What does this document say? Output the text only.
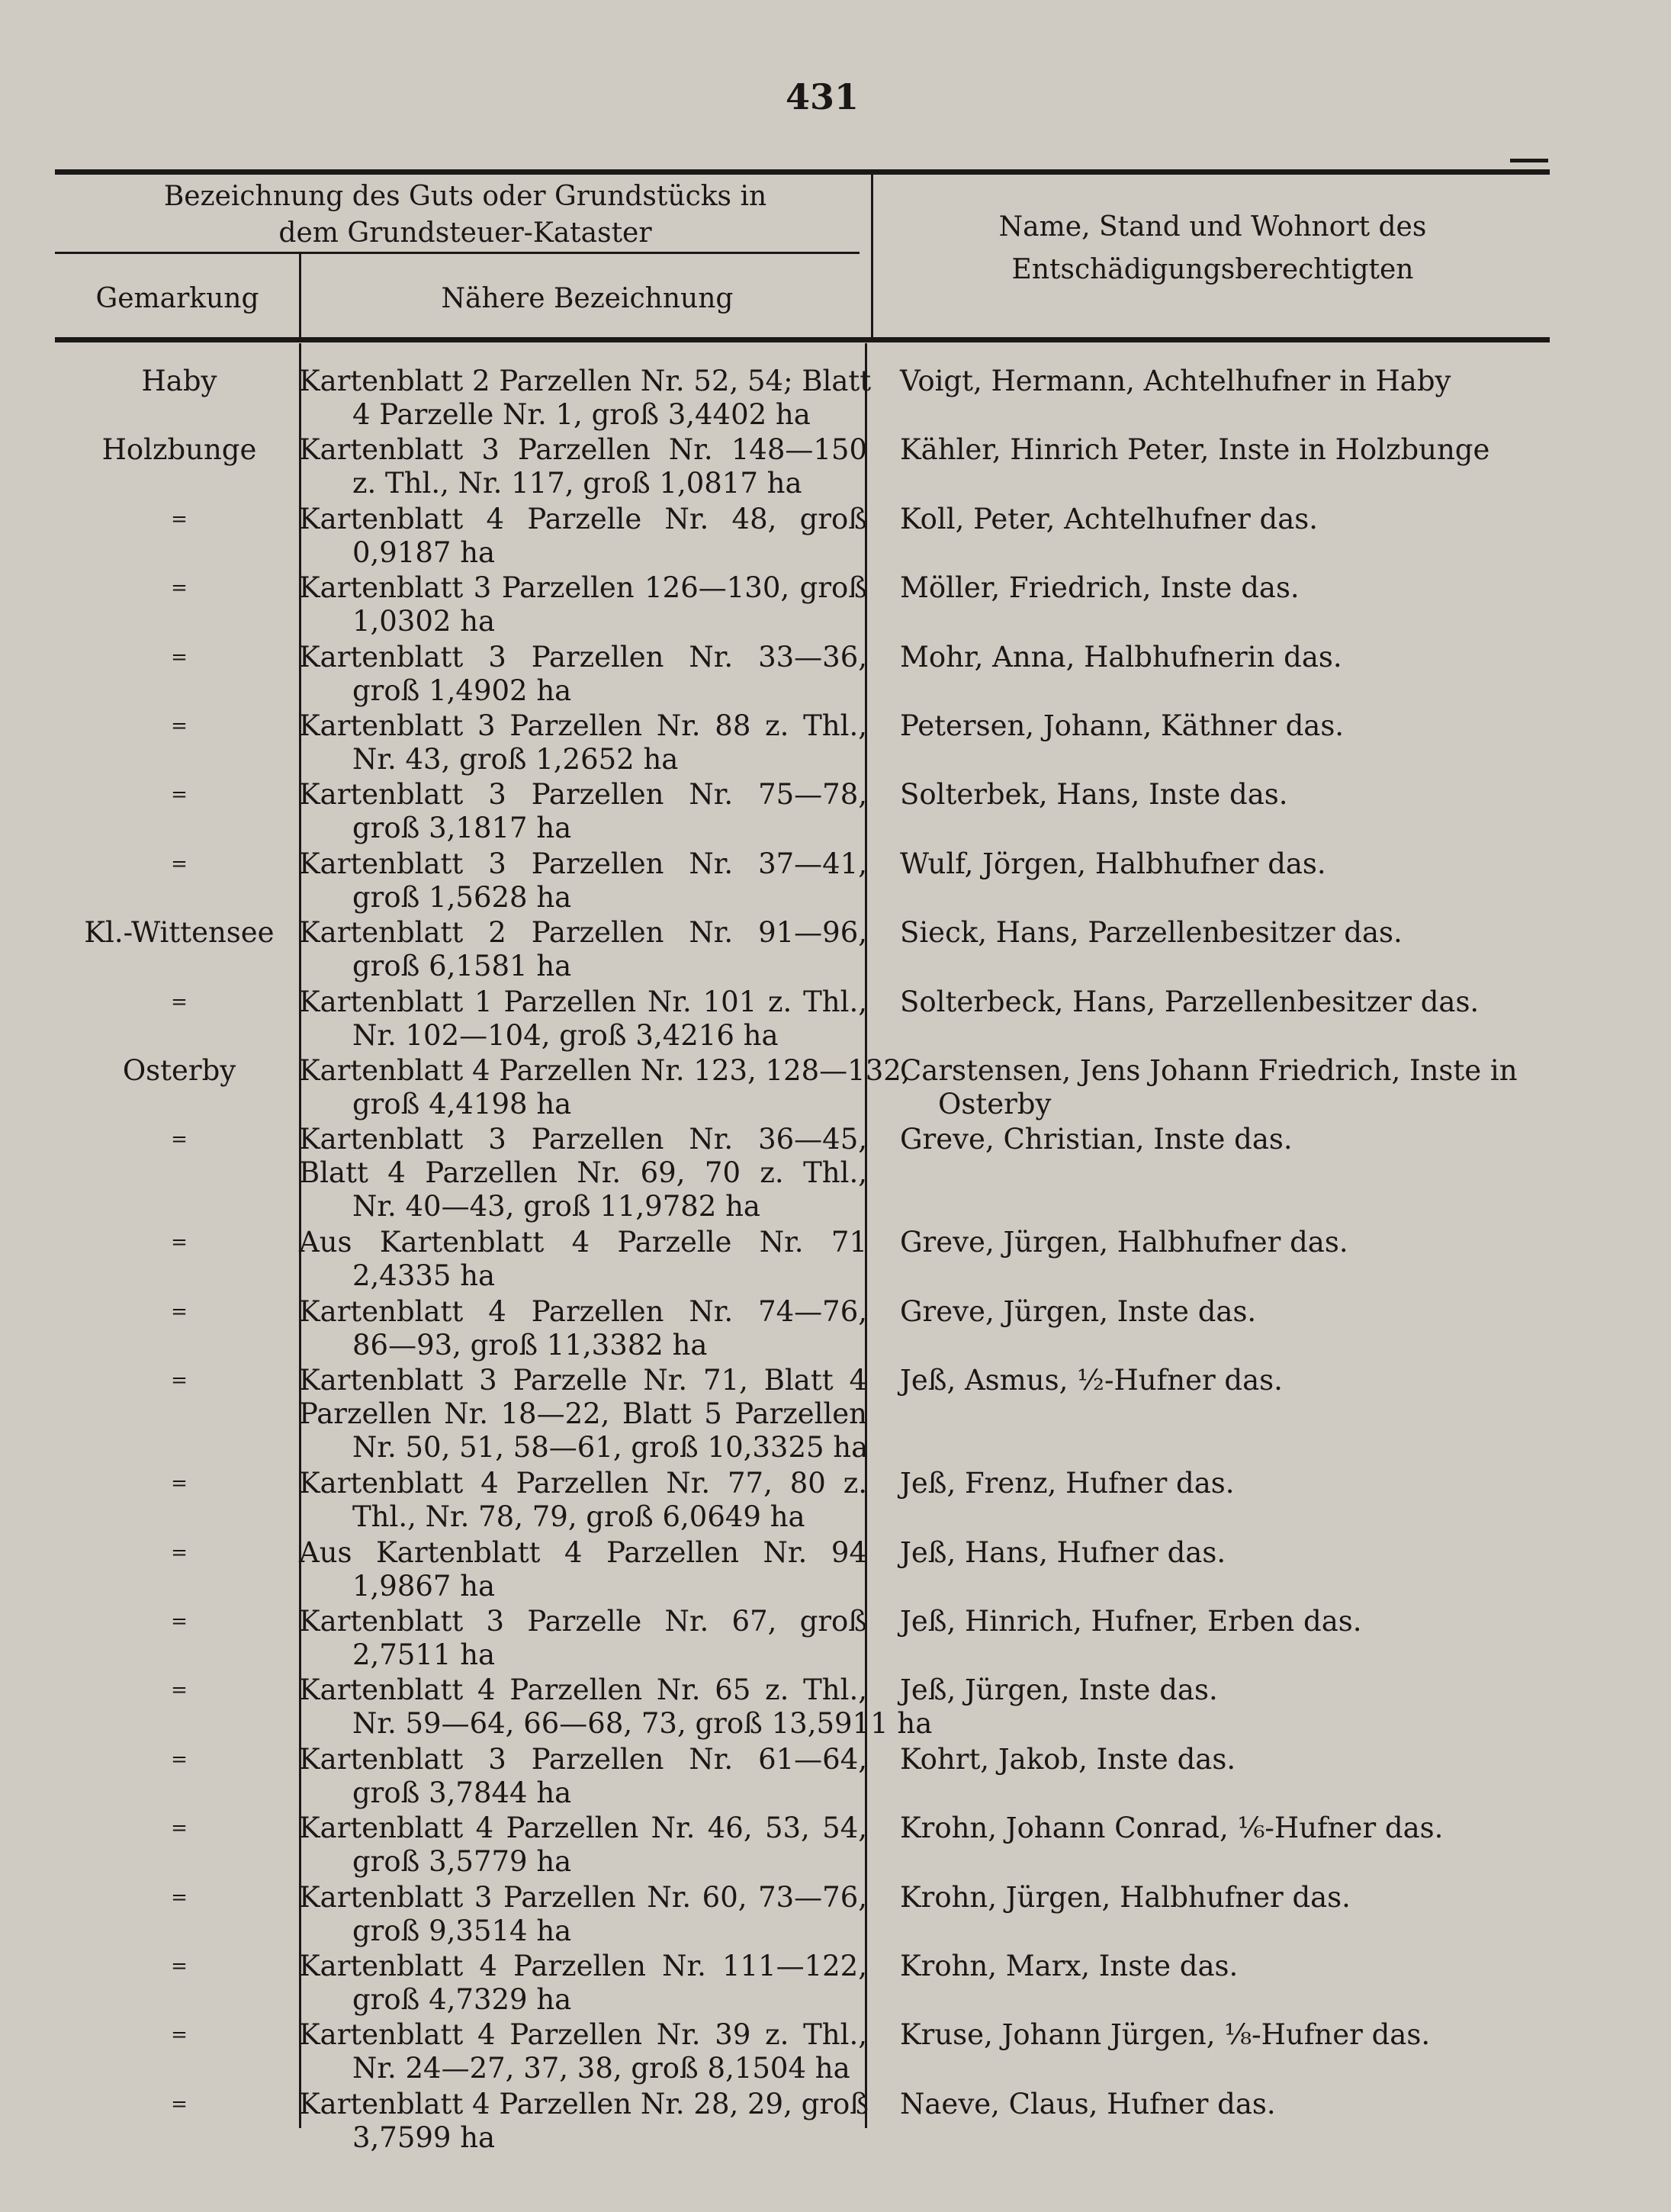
431
Bezeichnung des Guts oder Grundstücks in
dem Grundsteuer-Kataster
Gemarkung	Nähere Bezeichnung
Name, Stand und Wohnort des
Entschädigungsberechtigten
Haby	Kartenblatt 2 Parzellen Nr. 52, 54; Blatt
4 Parzelle Nr. 1, groß 3,4402 ha
Voigt, Hermann, Achtelhufner in Haby
Holzbunge	Kartenblatt 3 Parzellen Nr. 148—150
z. Thl., Nr. 117, groß 1,0817 ha
Kähler, Hinrich Peter, Inste in Holzbunge
=	Kartenblatt 4 Parzelle Nr. 48, groß
0,9187 ha
Koll, Peter, Achtelhufner das.
=	Kartenblatt 3 Parzellen 126—130, groß
1,0302 ha
Möller, Friedrich, Inste das.
=	Kartenblatt 3 Parzellen Nr. 33—36,
groß 1,4902 ha
Mohr, Anna, Halbhufnerin das.
=	Kartenblatt 3 Parzellen Nr. 88 z. Thl.,
Nr. 43, groß 1,2652 ha
Petersen, Johann, Käthner das.
=	Kartenblatt 3 Parzellen Nr. 75—78,
groß 3,1817 ha
Solterbek, Hans, Inste das.
=	Kartenblatt 3 Parzellen Nr. 37—41,
groß 1,5628 ha
Wulf, Jörgen, Halbhufner das.
Kl.-Wittensee Kartenblatt 2 Parzellen Nr. 91—96,
groß 6,1581 ha
Sieck, Hans, Parzellenbesitzer das.
=	Kartenblatt 1 Parzellen Nr. 101 z. Thl.,
Nr. 102—104, groß 3,4216 ha
Solterbeck, Hans, Parzellenbesitzer das.
Osterby	Kartenblatt 4 Parzellen Nr. 123, 128—132,
groß 4,4198 ha
Carstensen, Jens Johann Friedrich, Inste in
Osterby
=	Kartenblatt 3 Parzellen Nr. 36—45,
Blatt 4 Parzellen Nr. 69, 70 z. Thl.,
Nr. 40—43, groß 11,9782 ha
Greve, Christian, Inste das.
=	Aus Kartenblatt 4 Parzelle Nr. 71
2,4335 ha
Greve, Jürgen, Halbhufner das.
=	Kartenblatt 4 Parzellen Nr. 74—76,
86—93, groß 11,3382 ha
Greve, Jürgen, Inste das.
=	Kartenblatt 3 Parzelle Nr. 71, Blatt 4
Parzellen Nr. 18—22, Blatt 5 Parzellen
Nr. 50, 51, 58—61, groß 10,3325 ha
Jeß, Asmus, ½-Hufner das.
=	Kartenblatt 4 Parzellen Nr. 77, 80 z.
Thl., Nr. 78, 79, groß 6,0649 ha
Jeß, Frenz, Hufner das.
=	Aus Kartenblatt 4 Parzellen Nr. 94
1,9867 ha
Jeß, Hans, Hufner das.
=	Kartenblatt 3 Parzelle Nr. 67, groß
2,7511 ha
Jeß, Hinrich, Hufner, Erben das.
=	Kartenblatt 4 Parzellen Nr. 65 z. Thl.,
Nr. 59—64, 66—68, 73, groß 13,5911 ha
Jeß, Jürgen, Inste das.
=	Kartenblatt 3 Parzellen Nr. 61—64,
groß 3,7844 ha
Kohrt, Jakob, Inste das.
=	Kartenblatt 4 Parzellen Nr. 46, 53, 54,
groß 3,5779 ha
Krohn, Johann Conrad, ⅙-Hufner das.
=	Kartenblatt 3 Parzellen Nr. 60, 73—76,
groß 9,3514 ha
Krohn, Jürgen, Halbhufner das.
=	Kartenblatt 4 Parzellen Nr. 111—122,
groß 4,7329 ha
Krohn, Marx, Inste das.
=	Kartenblatt 4 Parzellen Nr. 39 z. Thl.,
Nr. 24—27, 37, 38, groß 8,1504 ha
Kruse, Johann Jürgen, ⅛-Hufner das.
=	Kartenblatt 4 Parzellen Nr. 28, 29, groß
3,7599 ha
Naeve, Claus, Hufner das.
